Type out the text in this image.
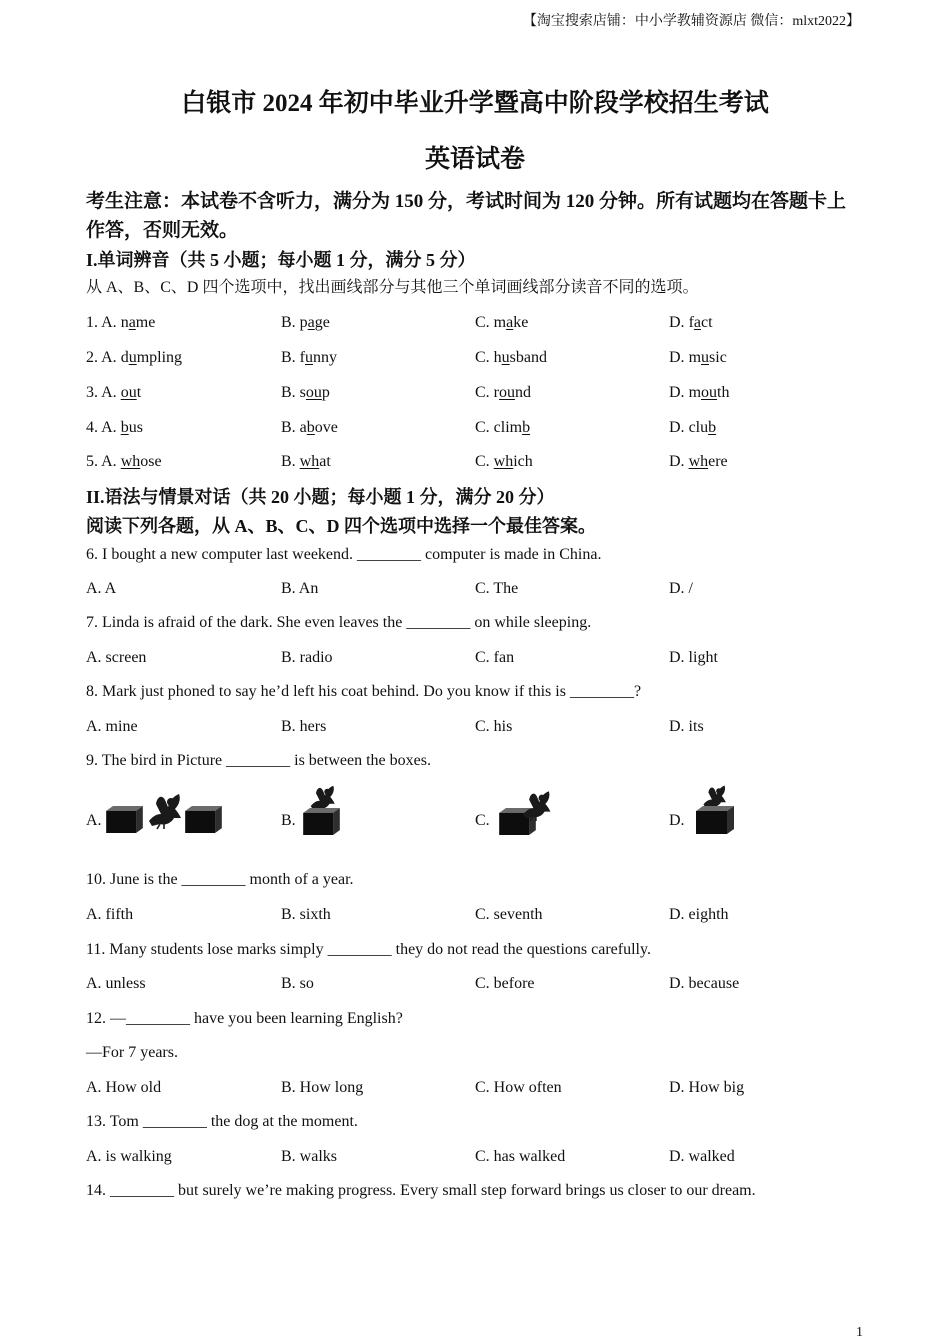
【淘宝搜索店铺：中小学教辅资源店 微信：mlxt2022】
白银市 2024 年初中毕业升学暨高中阶段学校招生考试
英语试卷
考生注意：本试卷不含听力，满分为 150 分，考试时间为 120 分钟。所有试题均在答题卡上
作答，否则无效。
I.单词辨音（共 5 小题；每小题 1 分，满分 5 分）
从 A、B、C、D 四个选项中，找出画线部分与其他三个单词画线部分读音不同的选项。
1. A. name	B. page	C. make	D. fact
2. A. dumpling	B. funny	C. husband	D. music
3. A. out	B. soup	C. round	D. mouth
4. A. bus	B. above	C. climb	D. club
5. A. whose	B. what	C. which	D. where
II.语法与情景对话（共 20 小题；每小题 1 分，满分 20 分）
阅读下列各题，从 A、B、C、D 四个选项中选择一个最佳答案。
6. I bought a new computer last weekend. ________ computer is made in China.
A. A	B. An	C. The	D. /
7. Linda is afraid of the dark. She even leaves the ________ on while sleeping.
A. screen	B. radio	C. fan	D. light
8. Mark just phoned to say he’d left his coat behind. Do you know if this is ________?
A. mine	B. hers	C. his	D. its
9. The bird in Picture ________ is between the boxes.
A.	B.	C.	D.
10. June is the ________ month of a year.
A. fifth	B. sixth	C. seventh	D. eighth
11. Many students lose marks simply ________ they do not read the questions carefully.
A. unless	B. so	C. before	D. because
12. —________ have you been learning English?
—For 7 years.
A. How old	B. How long	C. How often	D. How big
13. Tom ________ the dog at the moment.
A. is walking	B. walks	C. has walked	D. walked
14. ________ but surely we’re making progress. Every small step forward brings us closer to our dream.
1
